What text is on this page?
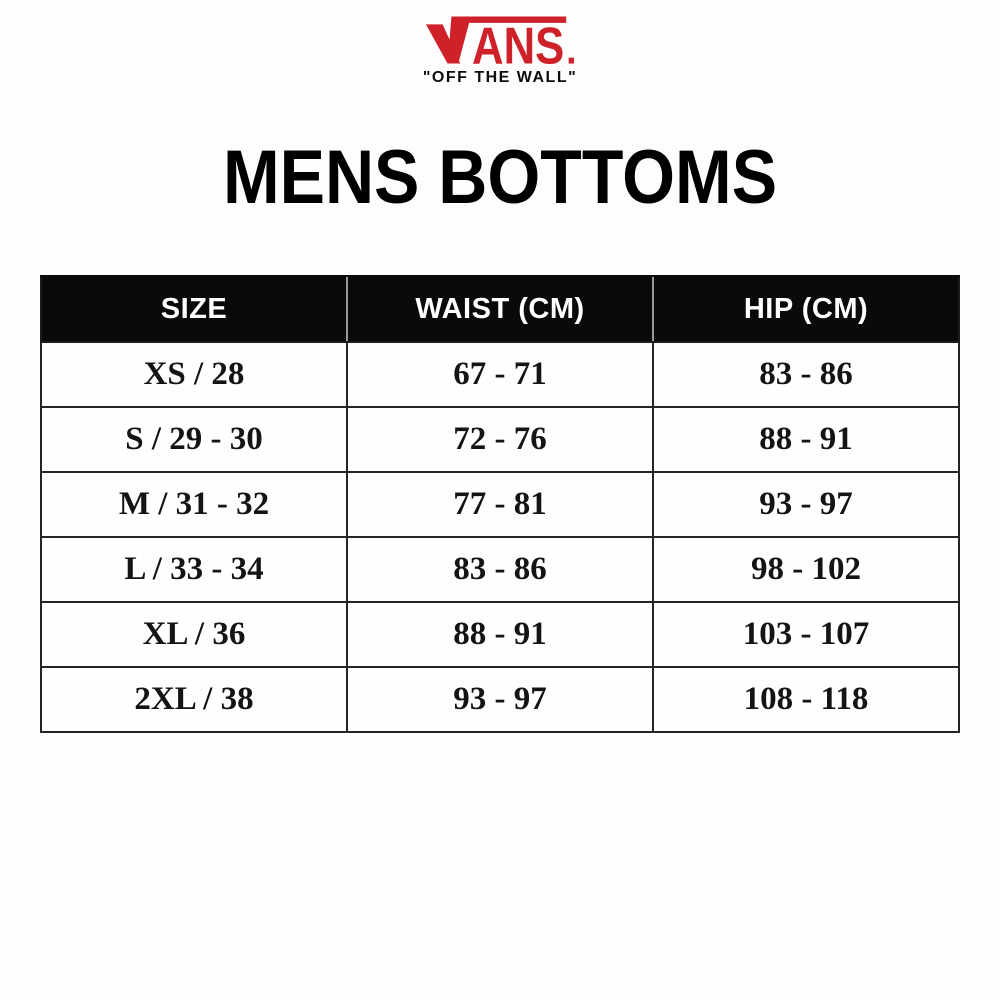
ANS
"OFF THE WALL"
MENS BOTTOMS
SIZE	WAIST (CM)	HIP (CM)
XS / 28	67 - 71	83 - 86
S / 29 - 30	72 - 76	88 - 91
M / 31 - 32	77 - 81	93 - 97
L / 33 - 34	83 - 86	98 - 102
XL / 36	88 - 91	103 - 107
2XL / 38	93 - 97	108 - 118
